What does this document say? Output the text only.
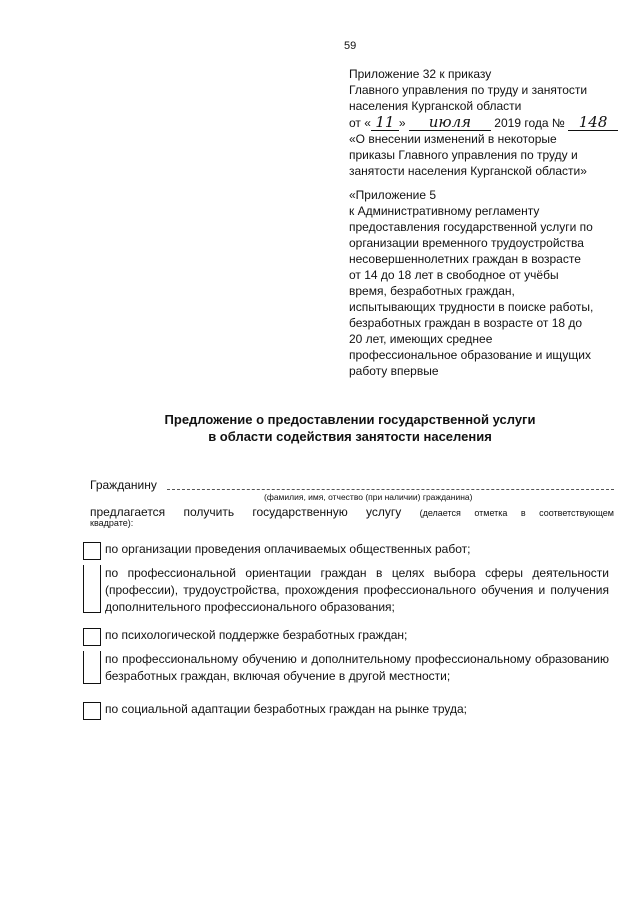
59
Приложение 32 к приказу
Главного управления по труду и занятости
населения Курганской области
от « 11 » июля 2019 года № 148
«О внесении изменений в некоторые
приказы Главного управления по труду и
занятости населения Курганской области»
«Приложение 5
к Административному регламенту
предоставления государственной услуги по
организации временного трудоустройства
несовершеннолетних граждан в возрасте
от 14 до 18 лет в свободное от учёбы
время, безработных граждан,
испытывающих трудности в поиске работы,
безработных граждан в возрасте от 18 до
20 лет, имеющих среднее
профессиональное образование и ищущих
работу впервые
Предложение о предоставлении государственной услуги
в области содействия занятости населения
Гражданину
(фамилия, имя, отчество (при наличии) гражданина)
предлагается получить государственную услугу (делается отметка в соответствующем
квадрате):
по организации проведения оплачиваемых общественных работ;
по профессиональной ориентации граждан в целях выбора сферы деятельности (профессии), трудоустройства, прохождения профессионального обучения и получения дополнительного профессионального образования;
по психологической поддержке безработных граждан;
по профессиональному обучению и дополнительному профессиональному образованию безработных граждан, включая обучение в другой местности;
по социальной адаптации безработных граждан на рынке труда;
